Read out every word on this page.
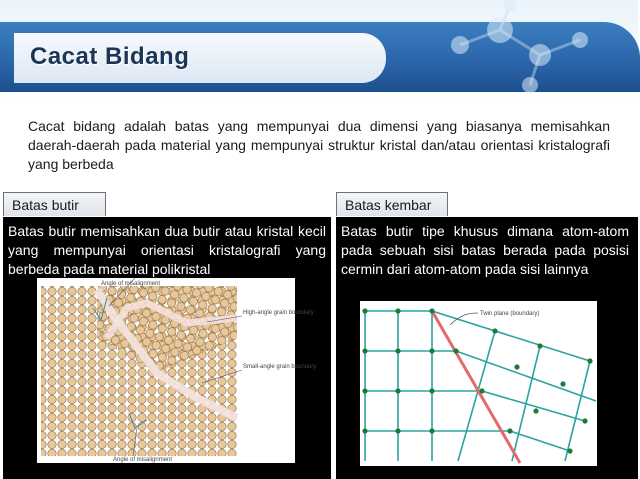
Cacat Bidang
Cacat bidang adalah batas yang mempunyai dua dimensi yang biasanya memisahkan daerah-daerah pada material yang mempunyai struktur kristal dan/atau orientasi kristalografi yang berbeda
Batas butir	Batas kembar
Batas butir memisahkan dua butir atau kristal kecil yang mempunyai orientasi kristalografi yang berbeda pada material polikristal
Angle of misalignment
High-angle grain boundary
Small-angle grain boundary
Angle of misalignment
Batas butir tipe khusus dimana atom-atom pada sebuah sisi batas berada pada posisi cermin dari atom-atom pada sisi lainnya
Twin plane (boundary)
